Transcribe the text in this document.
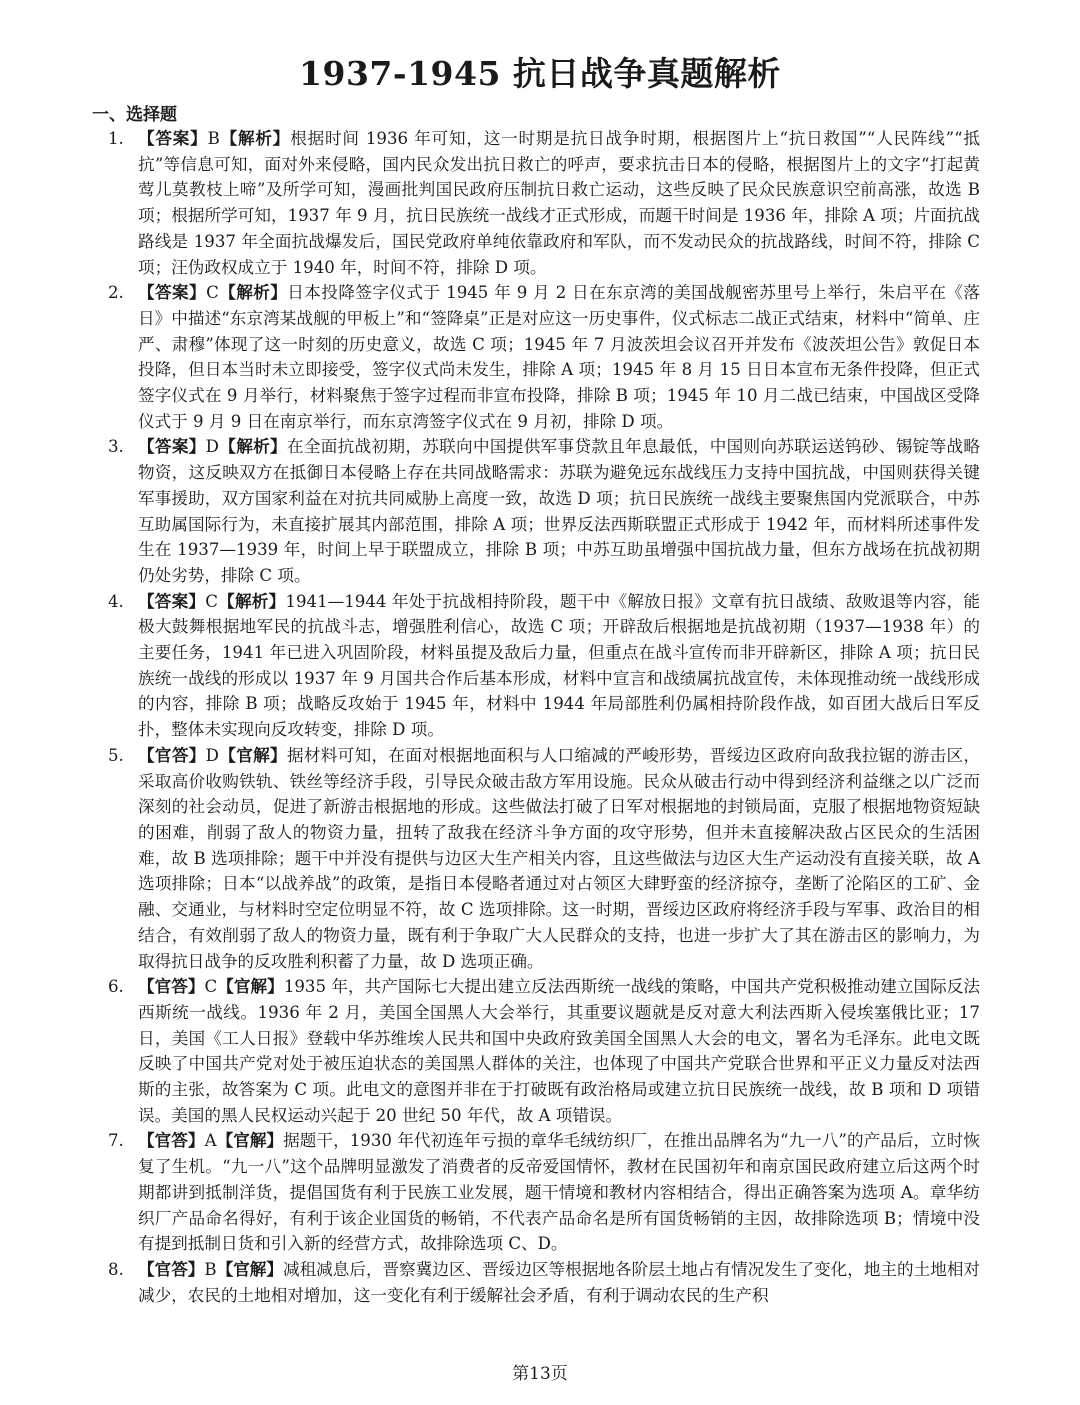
1937-1945 抗日战争真题解析
一、选择题
1. 【答案】B【解析】根据时间 1936 年可知，这一时期是抗日战争时期，根据图片上“抗日救国”“人民阵线”“抵抗”等信息可知，面对外来侵略，国内民众发出抗日救亡的呼声，要求抗击日本的侵略，根据图片上的文字“打起黄莺儿莫教枝上啼”及所学可知，漫画批判国民政府压制抗日救亡运动，这些反映了民众民族意识空前高涨，故选 B 项；根据所学可知，1937 年 9 月，抗日民族统一战线才正式形成，而题干时间是 1936 年，排除 A 项；片面抗战路线是 1937 年全面抗战爆发后，国民党政府单纯依靠政府和军队，而不发动民众的抗战路线，时间不符，排除 C 项；汪伪政权成立于 1940 年，时间不符，排除 D 项。
2. 【答案】C【解析】日本投降签字仪式于 1945 年 9 月 2 日在东京湾的美国战舰密苏里号上举行，朱启平在《落日》中描述“东京湾某战舰的甲板上”和“签降桌”正是对应这一历史事件，仪式标志二战正式结束，材料中“简单、庄严、肃穆”体现了这一时刻的历史意义，故选 C 项；1945 年 7 月波茨坦会议召开并发布《波茨坦公告》敦促日本投降，但日本当时未立即接受，签字仪式尚未发生，排除 A 项；1945 年 8 月 15 日日本宣布无条件投降，但正式签字仪式在 9 月举行，材料聚焦于签字过程而非宣布投降，排除 B 项；1945 年 10 月二战已结束，中国战区受降仪式于 9 月 9 日在南京举行，而东京湾签字仪式在 9 月初，排除 D 项。
3. 【答案】D【解析】在全面抗战初期，苏联向中国提供军事贷款且年息最低，中国则向苏联运送钨砂、锡锭等战略物资，这反映双方在抵御日本侵略上存在共同战略需求：苏联为避免远东战线压力支持中国抗战，中国则获得关键军事援助，双方国家利益在对抗共同威胁上高度一致，故选 D 项；抗日民族统一战线主要聚焦国内党派联合，中苏互助属国际行为，未直接扩展其内部范围，排除 A 项；世界反法西斯联盟正式形成于 1942 年，而材料所述事件发生在 1937—1939 年，时间上早于联盟成立，排除 B 项；中苏互助虽增强中国抗战力量，但东方战场在抗战初期仍处劣势，排除 C 项。
4. 【答案】C【解析】1941—1944 年处于抗战相持阶段，题干中《解放日报》文章有抗日战绩、敌败退等内容，能极大鼓舞根据地军民的抗战斗志，增强胜利信心，故选 C 项；开辟敌后根据地是抗战初期（1937—1938 年）的主要任务，1941 年已进入巩固阶段，材料虽提及敌后力量，但重点在战斗宣传而非开辟新区，排除 A 项；抗日民族统一战线的形成以 1937 年 9 月国共合作后基本形成，材料中宣言和战绩属抗战宣传，未体现推动统一战线形成的内容，排除 B 项；战略反攻始于 1945 年，材料中 1944 年局部胜利仍属相持阶段作战，如百团大战后日军反扑，整体未实现向反攻转变，排除 D 项。
5. 【官答】D【官解】据材料可知，在面对根据地面积与人口缩减的严峻形势，晋绥边区政府向敌我拉锯的游击区，采取高价收购铁轨、铁丝等经济手段，引导民众破击敌方军用设施。民众从破击行动中得到经济利益继之以广泛而深刻的社会动员，促进了新游击根据地的形成。这些做法打破了日军对根据地的封锁局面，克服了根据地物资短缺的困难，削弱了敌人的物资力量，扭转了敌我在经济斗争方面的攻守形势，但并未直接解决敌占区民众的生活困难，故 B 选项排除；题干中并没有提供与边区大生产相关内容，且这些做法与边区大生产运动没有直接关联，故 A 选项排除；日本“以战养战”的政策，是指日本侵略者通过对占领区大肆野蛮的经济掠夺，垄断了沦陷区的工矿、金融、交通业，与材料时空定位明显不符，故 C 选项排除。这一时期，晋绥边区政府将经济手段与军事、政治目的相结合，有效削弱了敌人的物资力量，既有利于争取广大人民群众的支持，也进一步扩大了其在游击区的影响力，为取得抗日战争的反攻胜利积蓄了力量，故 D 选项正确。
6. 【官答】C【官解】1935 年，共产国际七大提出建立反法西斯统一战线的策略，中国共产党积极推动建立国际反法西斯统一战线。1936 年 2 月，美国全国黑人大会举行，其重要议题就是反对意大利法西斯入侵埃塞俄比亚；17 日，美国《工人日报》登载中华苏维埃人民共和国中央政府致美国全国黑人大会的电文，署名为毛泽东。此电文既反映了中国共产党对处于被压迫状态的美国黑人群体的关注，也体现了中国共产党联合世界和平正义力量反对法西斯的主张，故答案为 C 项。此电文的意图并非在于打破既有政治格局或建立抗日民族统一战线，故 B 项和 D 项错误。美国的黑人民权运动兴起于 20 世纪 50 年代，故 A 项错误。
7. 【官答】A【官解】据题干，1930 年代初连年亏损的章华毛绒纺织厂，在推出品牌名为“九一八”的产品后，立时恢复了生机。“九一八”这个品牌明显激发了消费者的反帝爱国情怀，教材在民国初年和南京国民政府建立后这两个时期都讲到抵制洋货，提倡国货有利于民族工业发展，题干情境和教材内容相结合，得出正确答案为选项 A。章华纺织厂产品命名得好，有利于该企业国货的畅销，不代表产品命名是所有国货畅销的主因，故排除选项 B；情境中没有提到抵制日货和引入新的经营方式，故排除选项 C、D。
8. 【官答】B【官解】减租减息后，晋察冀边区、晋绥边区等根据地各阶层土地占有情况发生了变化，地主的土地相对减少，农民的土地相对增加，这一变化有利于缓解社会矛盾，有利于调动农民的生产积
第13页
